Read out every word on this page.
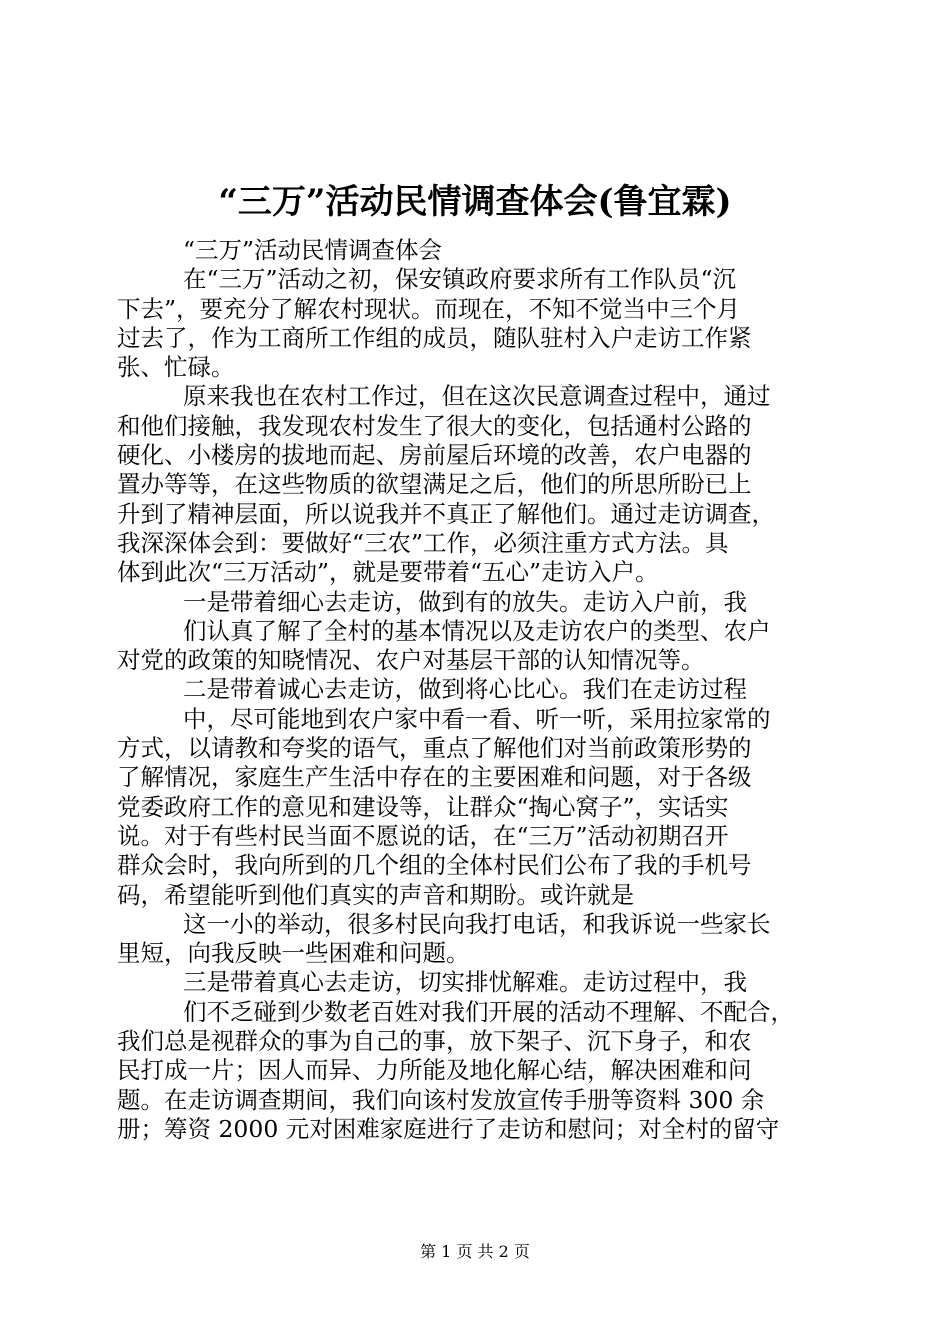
“三万”活动民情调查体会(鲁宜霖)
“三万”活动民情调查体会
在“三万”活动之初，保安镇政府要求所有工作队员“沉
下去”，要充分了解农村现状。而现在，不知不觉当中三个月
过去了，作为工商所工作组的成员，随队驻村入户走访工作紧
张、忙碌。
原来我也在农村工作过，但在这次民意调查过程中，通过
和他们接触，我发现农村发生了很大的变化，包括通村公路的
硬化、小楼房的拔地而起、房前屋后环境的改善，农户电器的
置办等等，在这些物质的欲望满足之后，他们的所思所盼已上
升到了精神层面，所以说我并不真正了解他们。通过走访调查，
我深深体会到：要做好“三农”工作，必须注重方式方法。具
体到此次“三万活动”，就是要带着“五心”走访入户。
一是带着细心去走访，做到有的放失。走访入户前，我
们认真了解了全村的基本情况以及走访农户的类型、农户
对党的政策的知晓情况、农户对基层干部的认知情况等。
二是带着诚心去走访，做到将心比心。我们在走访过程
中，尽可能地到农户家中看一看、听一听，采用拉家常的
方式，以请教和夸奖的语气，重点了解他们对当前政策形势的
了解情况，家庭生产生活中存在的主要困难和问题，对于各级
党委政府工作的意见和建设等，让群众“掏心窝子”，实话实
说。对于有些村民当面不愿说的话，在“三万”活动初期召开
群众会时，我向所到的几个组的全体村民们公布了我的手机号
码，希望能听到他们真实的声音和期盼。或许就是
这一小的举动，很多村民向我打电话，和我诉说一些家长
里短，向我反映一些困难和问题。
三是带着真心去走访，切实排忧解难。走访过程中，我
们不乏碰到少数老百姓对我们开展的活动不理解、不配合，
我们总是视群众的事为自己的事，放下架子、沉下身子，和农
民打成一片；因人而异、力所能及地化解心结，解决困难和问
题。在走访调查期间，我们向该村发放宣传手册等资料 300 余
册；筹资 2000 元对困难家庭进行了走访和慰问；对全村的留守
第 1 页 共 2 页
